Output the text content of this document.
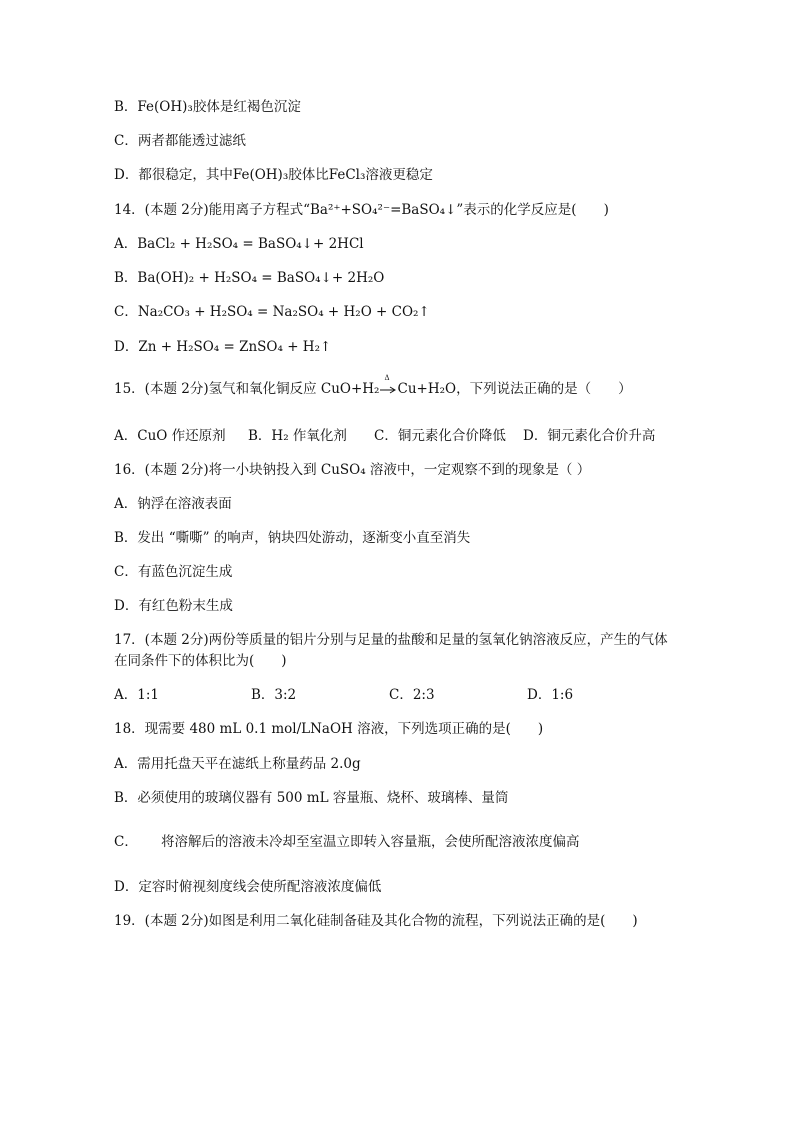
B．Fe(OH)₃胶体是红褐色沉淀
C．两者都能透过滤纸
D．都很稳定，其中Fe(OH)₃胶体比FeCl₃溶液更稳定
14．(本题 2分)能用离子方程式“Ba²⁺+SO₄²⁻=BaSO₄↓”表示的化学反应是(　　)
A．BaCl₂ + H₂SO₄ = BaSO₄↓+ 2HCl
B．Ba(OH)₂ + H₂SO₄ = BaSO₄↓+ 2H₂O
C．Na₂CO₃ + H₂SO₄ = Na₂SO₄ + H₂O + CO₂↑
D．Zn + H₂SO₄ = ZnSO₄ + H₂↑
15．(本题 2分)氢气和氧化铜反应 CuO+H₂
Δ
Cu+H₂O，下列说法正确的是（　　）
A．CuO 作还原剂 B．H₂ 作氧化剂 C．铜元素化合价降低 D．铜元素化合价升高
16．(本题 2分)将一小块钠投入到 CuSO₄ 溶液中，一定观察不到的现象是（ ）
A．钠浮在溶液表面
B．发出 “嘶嘶” 的响声，钠块四处游动，逐渐变小直至消失
C．有蓝色沉淀生成
D．有红色粉末生成
17．(本题 2分)两份等质量的铝片分别与足量的盐酸和足量的氢氧化钠溶液反应，产生的气体
在同条件下的体积比为(　　)
A．1:1	B．3:2	C．2:3	D．1:6
18．现需要 480 mL 0.1 mol/LNaOH 溶液，下列选项正确的是(　　)
A．需用托盘天平在滤纸上称量药品 2.0g
B．必须使用的玻璃仪器有 500 mL 容量瓶、烧杯、玻璃棒、量筒
C． 将溶解后的溶液未冷却至室温立即转入容量瓶，会使所配溶液浓度偏高
D．定容时俯视刻度线会使所配溶液浓度偏低
19．(本题 2分)如图是利用二氧化硅制备硅及其化合物的流程，下列说法正确的是(　　)
